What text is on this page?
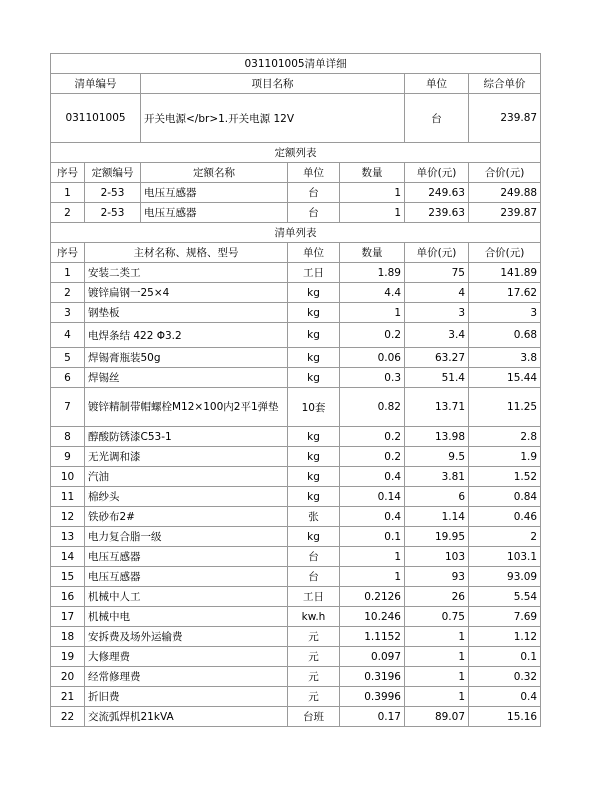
031101005清单详细						
清单编号		项目名称			单位	综合单价
031101005		开关电源</br>1.开关电源 12V			台	239.87
定额列表						
序号	定额编号	定额名称	单位	数量	单价(元)	合价(元)
1	2-53	电压互感器	台	1	249.63	249.88
2	2-53	电压互感器	台	1	239.63	239.87
清单列表						
序号	主材名称、规格、型号		单位	数量	单价(元)	合价(元)
1	安装二类工		工日	1.89	75	141.89
2	镀锌扁钢一25×4		kg	4.4	4	17.62
3	钢垫板		kg	1	3	3
4	电焊条结 422 Φ3.2		kg	0.2	3.4	0.68
5	焊锡膏瓶装50g		kg	0.06	63.27	3.8
6	焊锡丝		kg	0.3	51.4	15.44
7	镀锌精制带帽螺栓M12×100内2平1弹垫		10套	0.82	13.71	11.25
8	醇酸防锈漆C53-1		kg	0.2	13.98	2.8
9	无光调和漆		kg	0.2	9.5	1.9
10	汽油		kg	0.4	3.81	1.52
11	棉纱头		kg	0.14	6	0.84
12	铁砂布2#		张	0.4	1.14	0.46
13	电力复合脂一级		kg	0.1	19.95	2
14	电压互感器		台	1	103	103.1
15	电压互感器		台	1	93	93.09
16	机械中人工		工日	0.2126	26	5.54
17	机械中电		kw.h	10.246	0.75	7.69
18	安拆费及场外运输费		元	1.1152	1	1.12
19	大修理费		元	0.097	1	0.1
20	经常修理费		元	0.3196	1	0.32
21	折旧费		元	0.3996	1	0.4
22	交流弧焊机21kVA		台班	0.17	89.07	15.16
